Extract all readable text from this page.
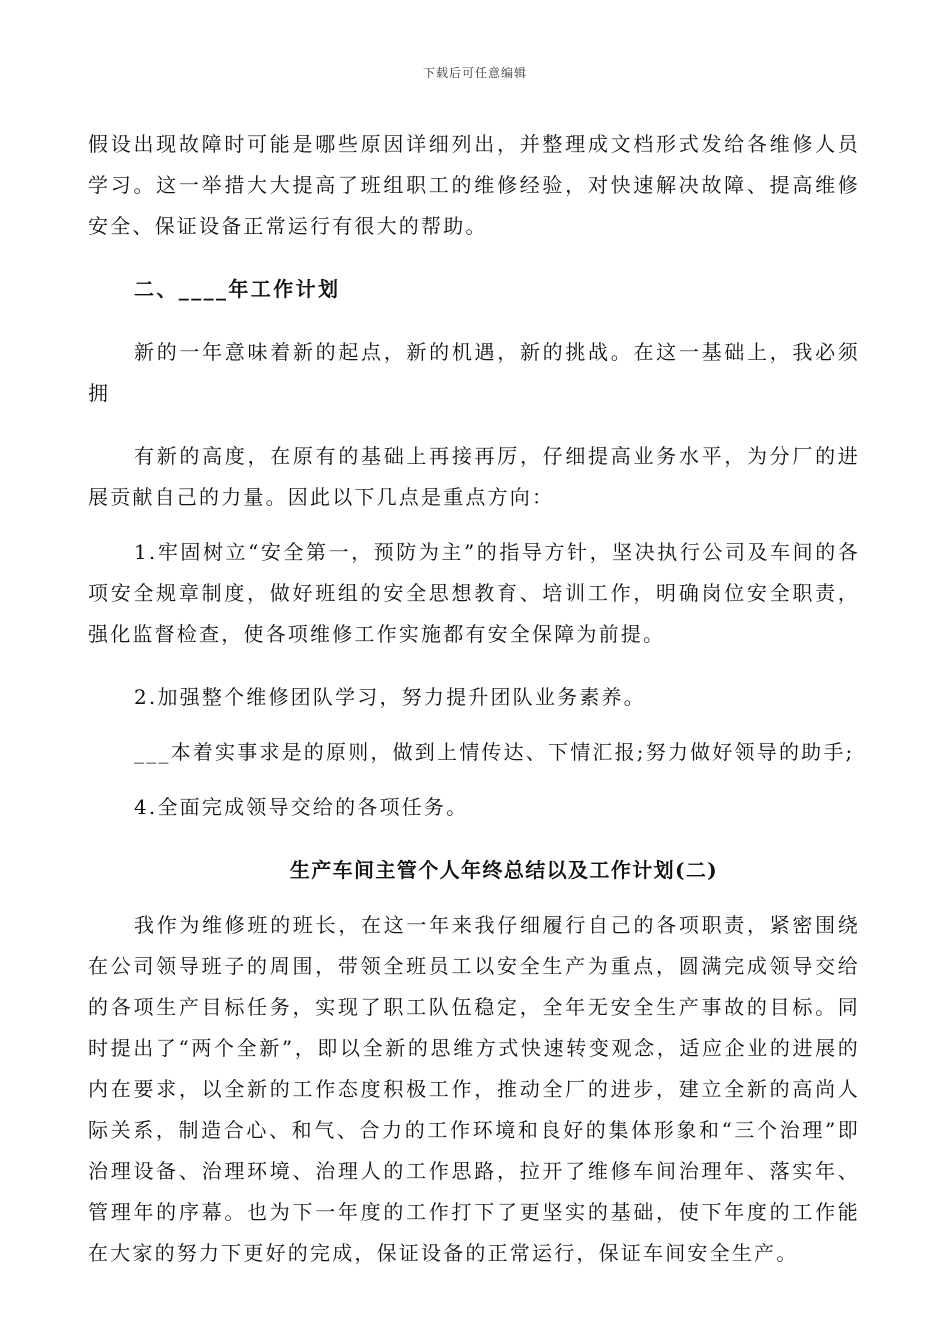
下载后可任意编辑

假设出现故障时可能是哪些原因详细列出，并整理成文档形式发给各维修人员学习。这一举措大大提高了班组职工的维修经验，对快速解决故障、提高维修安全、保证设备正常运行有很大的帮助。

二、____年工作计划

新的一年意味着新的起点，新的机遇，新的挑战。在这一基础上，我必须拥

有新的高度，在原有的基础上再接再厉，仔细提高业务水平，为分厂的进展贡献自己的力量。因此以下几点是重点方向：

1.牢固树立“安全第一，预防为主”的指导方针，坚决执行公司及车间的各项安全规章制度，做好班组的安全思想教育、培训工作，明确岗位安全职责，强化监督检查，使各项维修工作实施都有安全保障为前提。

2.加强整个维修团队学习，努力提升团队业务素养。

___本着实事求是的原则，做到上情传达、下情汇报;努力做好领导的助手;

4.全面完成领导交给的各项任务。

生产车间主管个人年终总结以及工作计划(二)

我作为维修班的班长，在这一年来我仔细履行自己的各项职责，紧密围绕在公司领导班子的周围，带领全班员工以安全生产为重点，圆满完成领导交给的各项生产目标任务，实现了职工队伍稳定，全年无安全生产事故的目标。同时提出了“两个全新”，即以全新的思维方式快速转变观念，适应企业的进展的内在要求，以全新的工作态度积极工作，推动全厂的进步，建立全新的高尚人际关系，制造合心、和气、合力的工作环境和良好的集体形象和“三个治理”即治理设备、治理环境、治理人的工作思路，拉开了维修车间治理年、落实年、管理年的序幕。也为下一年度的工作打下了更坚实的基础，使下年度的工作能在大家的努力下更好的完成，保证设备的正常运行，保证车间安全生产。
